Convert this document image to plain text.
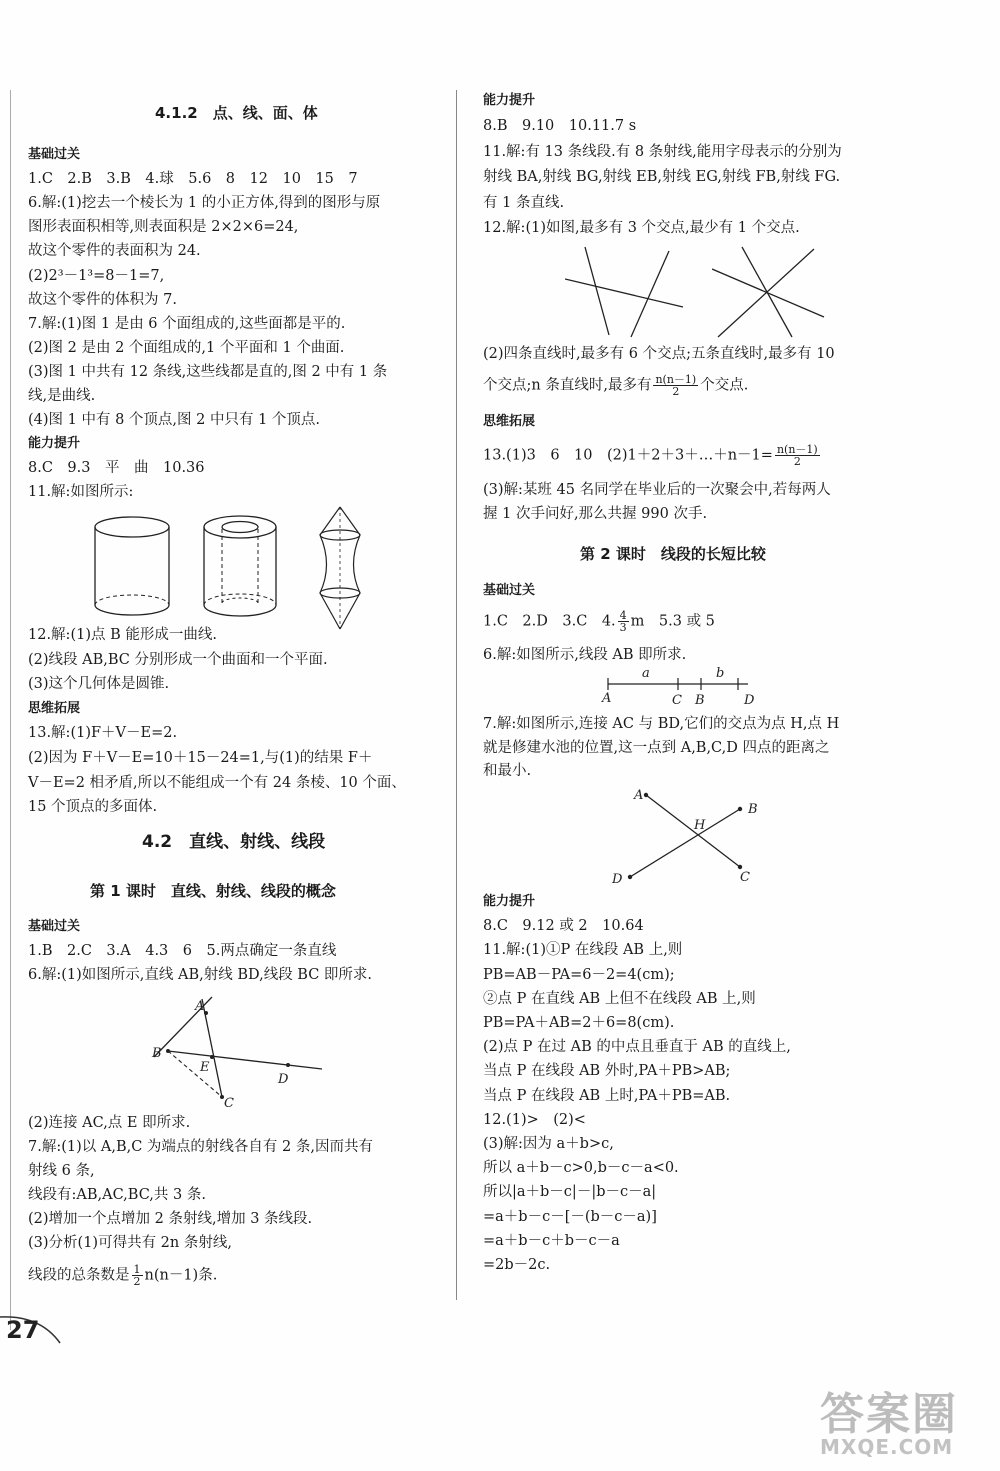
4.1.2　点、线、面、体
基础过关
1.C　2.B　3.B　4.球　5.6　8　12　10　15　7
6.解:(1)挖去一个棱长为 1 的小正方体,得到的图形与原
图形表面积相等,则表面积是 2×2×6=24,
故这个零件的表面积为 24.
(2)2³－1³=8－1=7,
故这个零件的体积为 7.
7.解:(1)图 1 是由 6 个面组成的,这些面都是平的.
(2)图 2 是由 2 个面组成的,1 个平面和 1 个曲面.
(3)图 1 中共有 12 条线,这些线都是直的,图 2 中有 1 条
线,是曲线.
(4)图 1 中有 8 个顶点,图 2 中只有 1 个顶点.
能力提升
8.C　9.3　平　曲　10.36
11.解:如图所示:
12.解:(1)点 B 能形成一曲线.
(2)线段 AB,BC 分别形成一个曲面和一个平面.
(3)这个几何体是圆锥.
思维拓展
13.解:(1)F＋V－E=2.
(2)因为 F＋V－E=10＋15－24=1,与(1)的结果 F＋
V－E=2 相矛盾,所以不能组成一个有 24 条棱、10 个面、
15 个顶点的多面体.
4.2　直线、射线、线段
第 1 课时　直线、射线、线段的概念
基础过关
1.B　2.C　3.A　4.3　6　5.两点确定一条直线
6.解:(1)如图所示,直线 AB,射线 BD,线段 BC 即所求.
A
B
E
C
D
(2)连接 AC,点 E 即所求.
7.解:(1)以 A,B,C 为端点的射线各自有 2 条,因而共有
射线 6 条,
线段有:AB,AC,BC,共 3 条.
(2)增加一个点增加 2 条射线,增加 3 条线段.
(3)分析(1)可得共有 2n 条射线,
线段的总条数是 $\frac{1}{2} n(n-1)$条.
能力提升
8.B　9.10　10.11.7 s
11.解:有 13 条线段.有 8 条射线,能用字母表示的分别为
射线 BA,射线 BG,射线 EB,射线 EG,射线 FB,射线 FG.
有 1 条直线.
12.解:(1)如图,最多有 3 个交点,最少有 1 个交点.
(2)四条直线时,最多有 6 个交点;五条直线时,最多有 10
个交点;n 条直线时,最多有 $\frac{n(n-1)}{2}$ 个交点.
思维拓展
13.(1)3　6　10　(2)1＋2＋3＋…＋n－1= $\frac{n(n-1)}{2}$
(3)解:某班 45 名同学在毕业后的一次聚会中,若每两人
握 1 次手问好,那么共握 990 次手.
第 2 课时　线段的长短比较
基础过关
1.C　2.D　3.C　4. $\frac{4}{3}$ m　5.3 或 5
6.解:如图所示,线段 AB 即所求.
a	b
A	C B	D
7.解:如图所示,连接 AC 与 BD,它们的交点为点 H,点 H
就是修建水池的位置,这一点到 A,B,C,D 四点的距离之
和最小.
A
B
H
C
D
能力提升
8.C　9.12 或 2　10.64
11.解:(1)①P 在线段 AB 上,则
PB=AB－PA=6－2=4(cm);
②点 P 在直线 AB 上但不在线段 AB 上,则
PB=PA＋AB=2＋6=8(cm).
(2)点 P 在过 AB 的中点且垂直于 AB 的直线上,
当点 P 在线段 AB 外时,PA＋PB>AB;
当点 P 在线段 AB 上时,PA＋PB=AB.
12.(1)>　(2)<
(3)解:因为 a＋b>c,
所以 a＋b－c>0,b－c－a<0.
所以|a＋b－c|－|b－c－a|
=a＋b－c－[－(b－c－a)]
=a＋b－c＋b－c－a
=2b－2c.
27
答案圈
MXQE.COM
